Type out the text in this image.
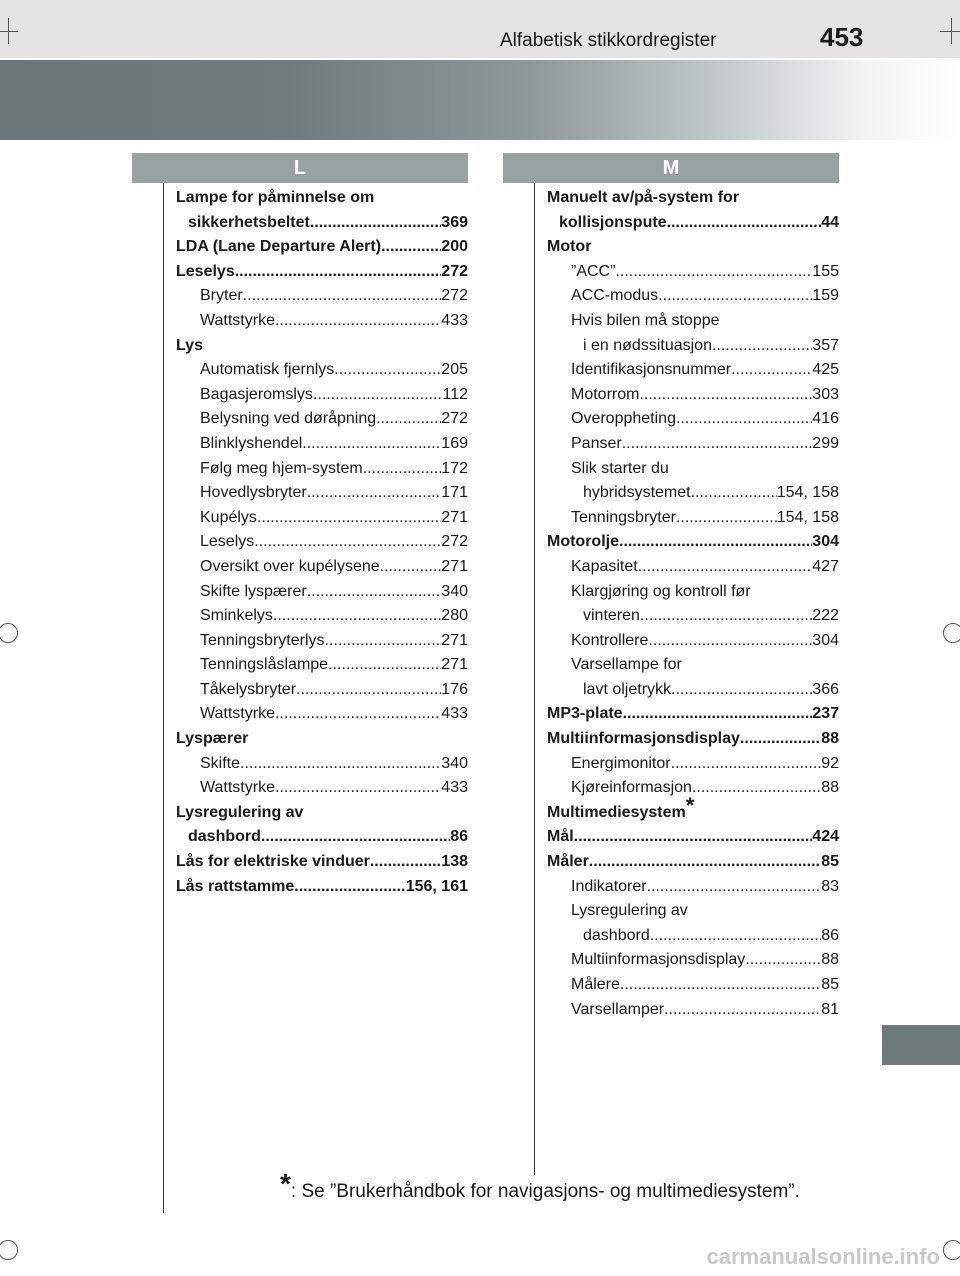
Alfabetisk stikkordregister	453
L	M
Lampe for påminnelse om
sikkerhetsbeltet .....	369
LDA (Lane Departure Alert) .....	200
Leselys .....	272
Bryter .....	272
Wattstyrke .....	433
Lys
Automatisk fjernlys .....	205
Bagasjeromslys .....	112
Belysning ved døråpning .....	272
Blinklyshendel .....	169
Følg meg hjem-system .....	172
Hovedlysbryter .....	171
Kupélys .....	271
Leselys .....	272
Oversikt over kupélysene .....	271
Skifte lyspærer .....	340
Sminkelys .....	280
Tenningsbryterlys .....	271
Tenningslåslampe .....	271
Tåkelysbryter .....	176
Wattstyrke .....	433
Lyspærer
Skifte .....	340
Wattstyrke .....	433
Lysregulering av
dashbord .....	86
Lås for elektriske vinduer .....	138
Lås rattstamme .....	156, 161
Manuelt av/på-system for
kollisjonspute .....	44
Motor
”ACC” .....	155
ACC-modus .....	159
Hvis bilen må stoppe
i en nødssituasjon .....	357
Identifikasjonsnummer .....	425
Motorrom .....	303
Overoppheting .....	416
Panser .....	299
Slik starter du
hybridsystemet .....	154, 158
Tenningsbryter .....	154, 158
Motorolje .....	304
Kapasitet .....	427
Klargjøring og kontroll før
vinteren .....	222
Kontrollere .....	304
Varsellampe for
lavt oljetrykk .....	366
MP3-plate .....	237
Multiinformasjonsdisplay .....	88
Energimonitor .....	92
Kjøreinformasjon .....	88
Multimediesystem*
Mål .....	424
Måler .....	85
Indikatorer .....	83
Lysregulering av
dashbord .....	86
Multiinformasjonsdisplay .....	88
Målere .....	85
Varsellamper .....	81
*: Se ”Brukerhåndbok for navigasjons- og multimediesystem”.
carmanualsonline.info
